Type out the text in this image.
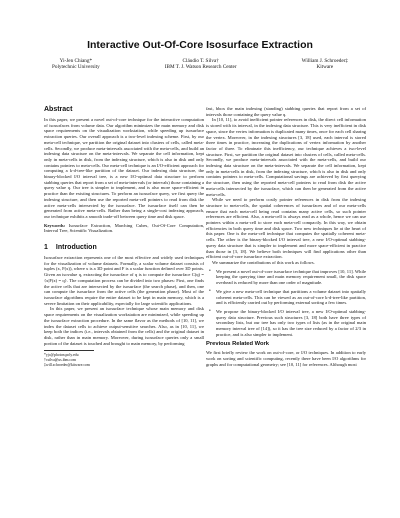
Interactive Out-Of-Core Isosurface Extraction
Yi-Jen Chiang*
Polytechnic University
Cláudio T. Silva†
IBM T. J. Watson Research Center
William J. Schroeder‡
Kitware
Abstract

In this paper, we present a novel out-of-core technique for the interactive computation of isosurfaces from volume data. Our algorithm minimizes the main memory and disk space requirements on the visualization workstation, while speeding up isosurface extraction queries. Our overall approach is a two-level indexing scheme. First, by our meta-cell technique, we partition the original dataset into clusters of cells, called meta-cells. Secondly, we produce meta-intervals associated with the meta-cells, and build an indexing data structure on the meta-intervals. We separate the cell information, kept only in meta-cells in disk, from the indexing structure, which is also in disk and only contains pointers to meta-cells. Our meta-cell technique is an I/O-efficient approach for computing a k-d-tree-like partition of the dataset. Our indexing data structure, the binary-blocked I/O interval tree, is a new I/O-optimal data structure to perform stabbing queries that report from a set of meta-intervals (or intervals) those containing a query value q. Our tree is simpler to implement, and is also more space-efficient in practice than the existing structures. To perform an isosurface query, we first query the indexing structure, and then use the reported meta-cell pointers to read from disk the active meta-cells intersected by the isosurface. The isosurface itself can then be generated from active meta-cells. Rather than being a single-cost indexing approach, our technique exhibits a smooth trade-off between query time and disk space.

Keywords: Isosurface Extraction, Marching Cubes, Out-Of-Core Computation, Interval Tree, Scientific Visualization.

1 Introduction

Isosurface extraction represents one of the most effective and widely used techniques for the visualization of volume datasets. Formally, a scalar volume dataset consists of tuples (x, F(x)), where x is a 3D point and F is a scalar function defined over 3D points. Given an isovalue q, extracting the isosurface of q is to compute the isosurface C(q) = {x|F(x) = q}. The computation process can be divided into two phases: First, one finds the active cells that are intersected by the isosurface (the search phase), and then, one can compute the isosurface from the active cells (the generation phase). Most of the isosurface algorithms require the entire dataset to be kept in main memory, which is a severe limitation on their applicability, especially for large scientific applications.

In this paper, we present an isosurface technique whose main memory and disk space requirements on the visualization workstation are minimized, while speeding up the isosurface extraction procedure. In the same flavor as the methods of [10, 11], we index the dataset cells to achieve output-sensitive searches. Also, as in [10, 11], we keep both the indices (i.e., intervals obtained from the cells) and the original dataset in disk, rather than in main memory. Moreover, during isosurface queries only a small portion of the dataset is touched and brought to main memory, by performing

*yjc@photon.poly.edu
†csilva@us.ibm.com
‡will.schroeder@kitware.com

fast, bbox the main indexing (standing) stabbing queries that report from a set of intervals those containing the query value q.

In [10, 11], to avoid inefficient pointer references in disk, the direct cell information is stored with its interval, in the indexing data structure. This is very inefficient in disk space, since the vertex information is duplicated many times, once for each cell sharing the vertex. Moreover, in the indexing structures [3, 18] used, each interval is stored three times in practice, increasing the duplications of vertex information by another factor of three. To eliminate this inefficiency, our technique achieves a two-level structure. First, we partition the original dataset into clusters of cells, called meta-cells. Secondly, we produce meta-intervals associated with the meta-cells, and build our indexing data structure on the meta-intervals. We separate the cell information, kept only in meta-cells in disk, from the indexing structure, which is also in disk and only contains pointers to meta-cells. Computational savings are achieved by first querying the structure, then using the reported meta-cell pointers to read from disk the active meta-cells intersected by the isosurface, which can then be generated from the active meta-cells.

While we need to perform costly pointer references in disk from the indexing structure to meta-cells, the spatial coherences of isosurfaces and of our meta-cells ensure that each meta-cell being read contains many active cells, so such pointer references are efficient. Also, a meta-cell is always read as a whole, hence we can use pointers within a meta-cell to store each meta-cell compactly. In this way, we obtain efficiencies in both query time and disk space. Two new techniques lie at the heart of this paper. One is the meta-cell technique that computes the spatially coherent meta-cells. The other is the binary-blocked I/O interval tree, a new I/O-optimal stabbing-query data structure that is simpler to implement and more space-efficient in practice than those in [3, 18]. We believe both techniques will find applications other than efficient out-of-core isosurface extraction.

We summarize the contributions of this work as follows.

• We present a novel out-of-core isosurface technique that improves [10, 11]. While keeping the querying time and main memory requirement small, the disk space overhead is reduced by more than one order of magnitude.
• We give a new meta-cell technique that partitions a volume dataset into spatially coherent meta-cells. This can be viewed as an out-of-core k-d-tree-like partition, and is efficiently carried out by performing external sorting a few times.
• We propose the binary-blocked I/O interval tree, a new I/O-optimal stabbing-query data structure. Previous such structures [3, 18] both have three types of secondary lists, but our tree has only two types of lists (as in the original main memory interval tree of [14]), so it has the tree size reduced by a factor of 2/3 in practice, and is also simpler to implement.
Previous Related Work

We first briefly review the work on out-of-core, or I/O techniques. In addition to early work on sorting and scientific computing, recently there have been I/O algorithms for graphs and for computational geometry; see [10, 11] for references. Although most
